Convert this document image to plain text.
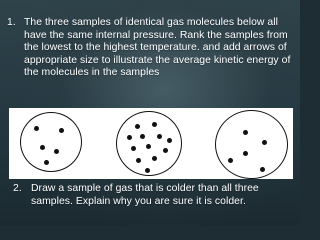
1. The three samples of identical gas molecules below all have the same internal pressure. Rank the samples from the lowest to the highest temperature. and add arrows of appropriate size to illustrate the average kinetic energy of the molecules in the samples
2. Draw a sample of gas that is colder than all three samples. Explain why you are sure it is colder.
